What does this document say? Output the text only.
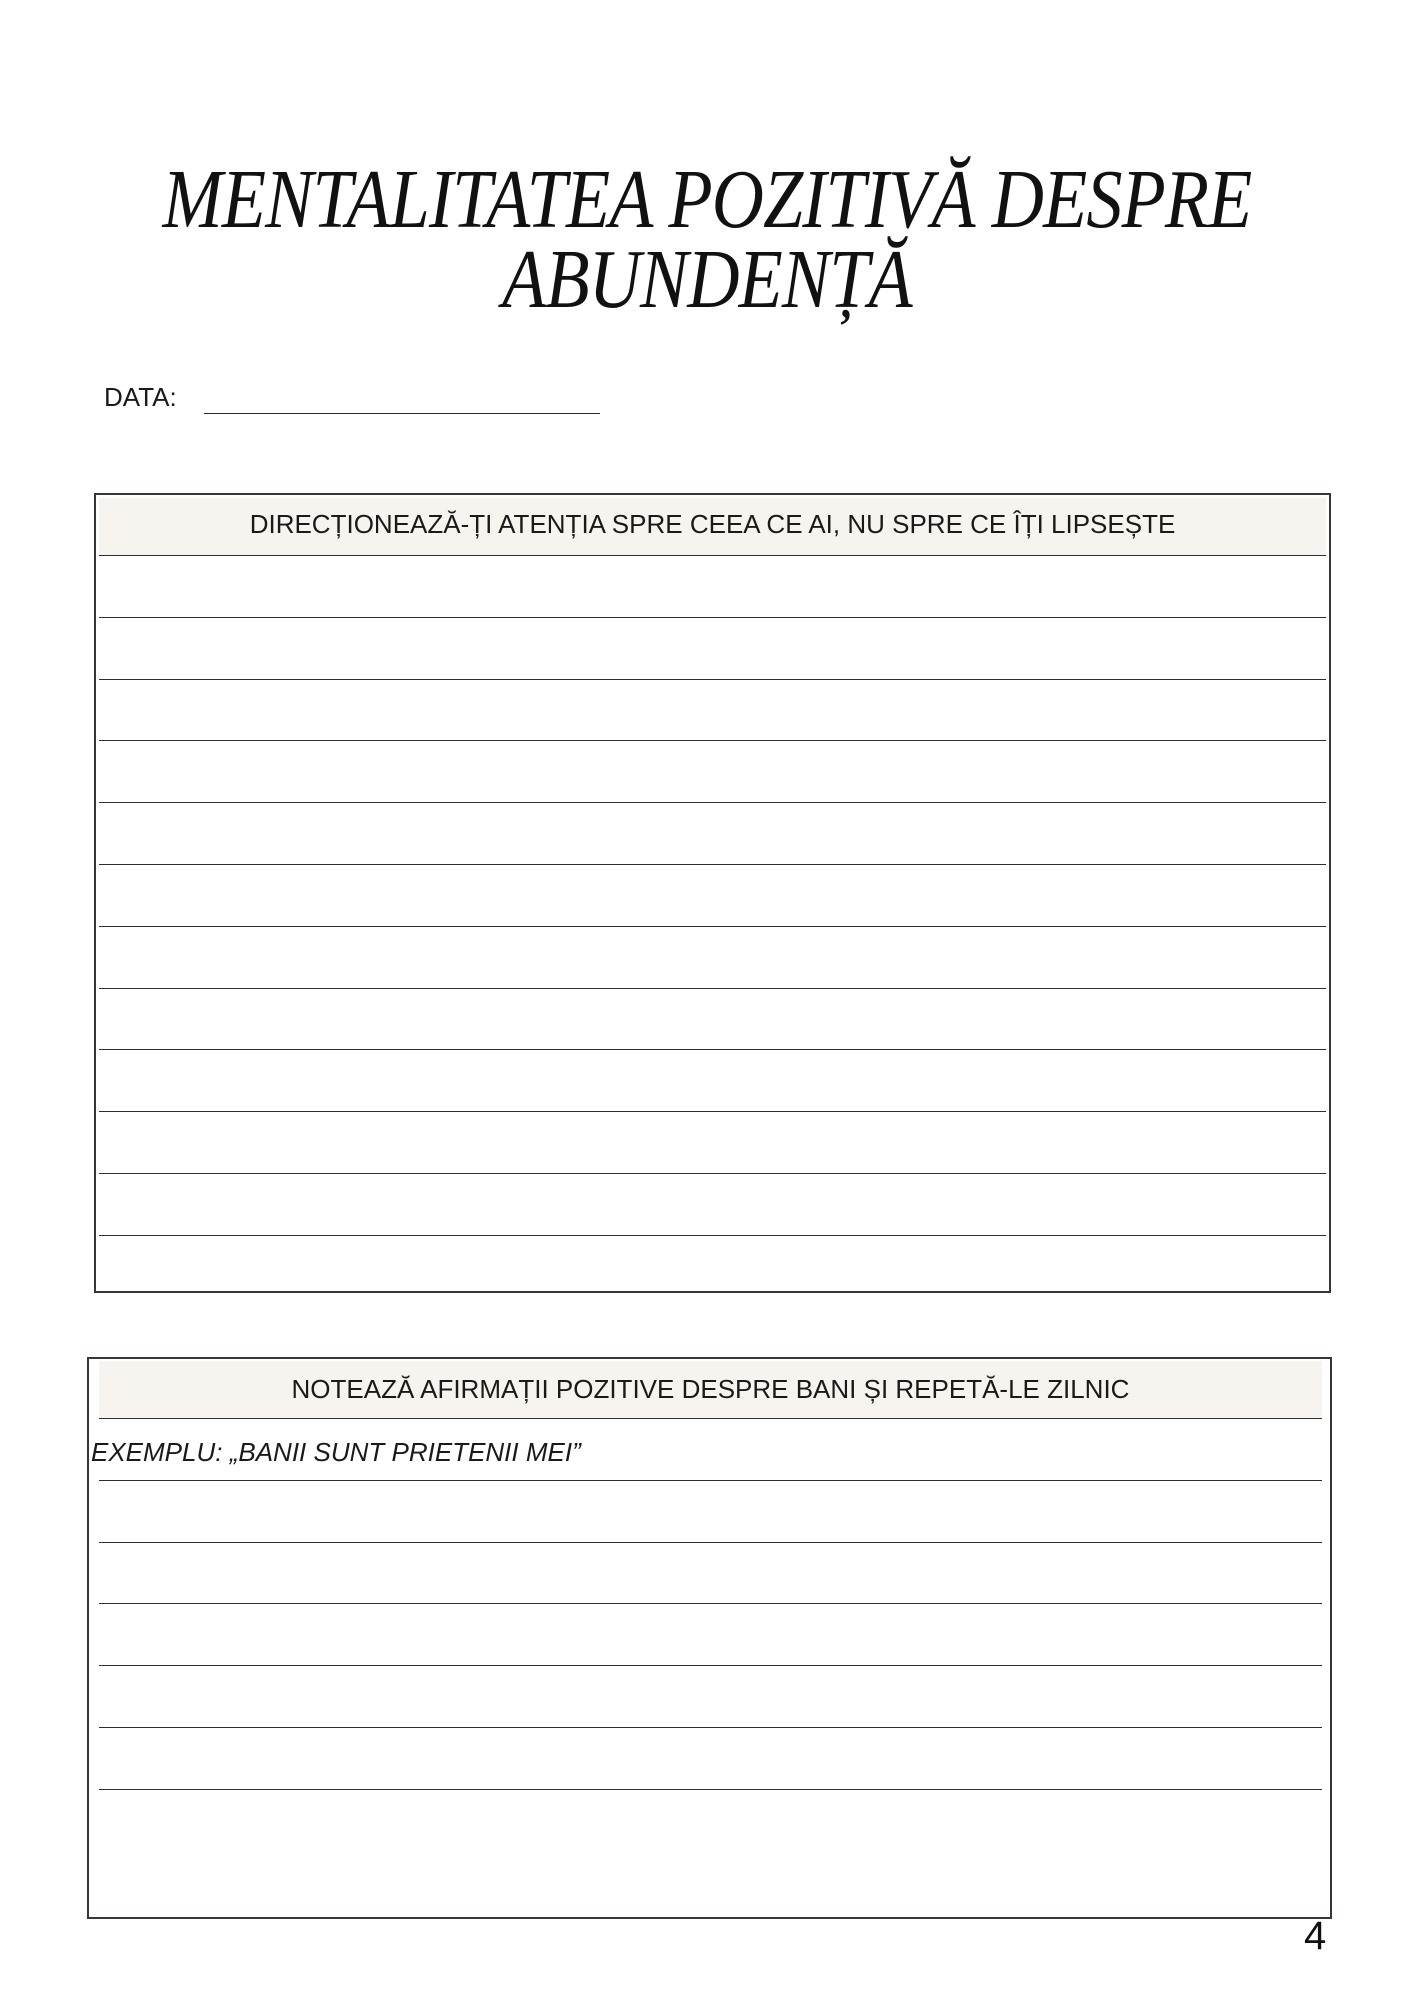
MENTALITATEA POZITIVĂ DESPRE
ABUNDENȚĂ
DATA:
DIRECȚIONEAZĂ-ȚI ATENȚIA SPRE CEEA CE AI, NU SPRE CE ÎȚI LIPSEȘTE
NOTEAZĂ AFIRMAȚII POZITIVE DESPRE BANI ȘI REPETĂ-LE ZILNIC
EXEMPLU: „BANII SUNT PRIETENII MEI”
4
